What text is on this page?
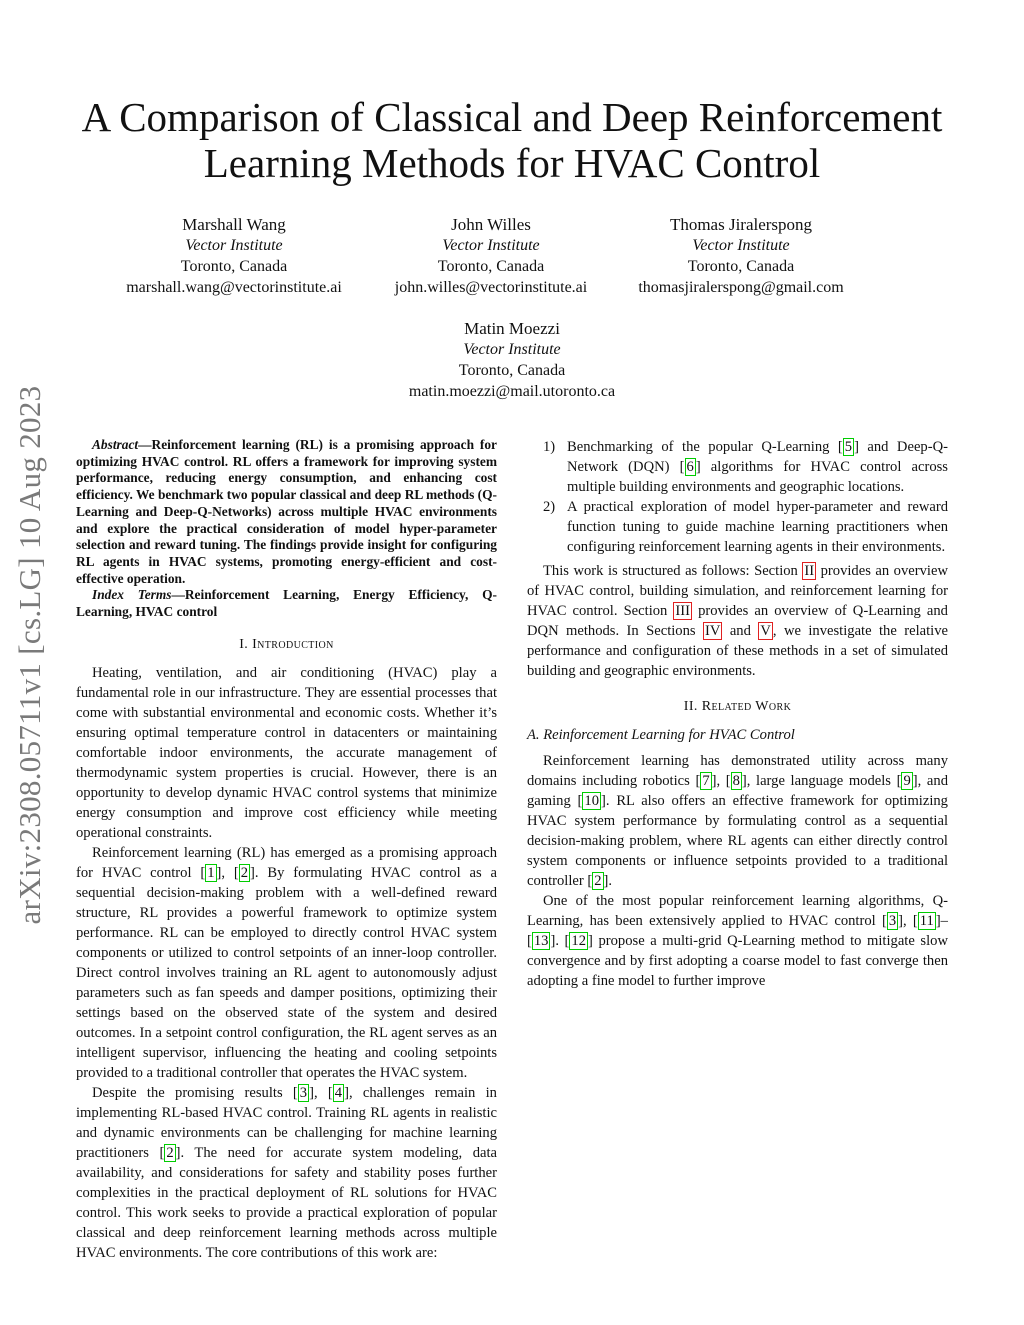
arXiv:2308.05711v1 [cs.LG] 10 Aug 2023
A Comparison of Classical and Deep Reinforcement
Learning Methods for HVAC Control
Marshall Wang
Vector Institute
Toronto, Canada
marshall.wang@vectorinstitute.ai
John Willes
Vector Institute
Toronto, Canada
john.willes@vectorinstitute.ai
Thomas Jiralerspong
Vector Institute
Toronto, Canada
thomasjiralerspong@gmail.com
Matin Moezzi
Vector Institute
Toronto, Canada
matin.moezzi@mail.utoronto.ca

Abstract—Reinforcement learning (RL) is a promising approach for optimizing HVAC control. RL offers a framework for improving system performance, reducing energy consumption, and enhancing cost efficiency. We benchmark two popular classical and deep RL methods (Q-Learning and Deep-Q-Networks) across multiple HVAC environments and explore the practical consideration of model hyper-parameter selection and reward tuning. The findings provide insight for configuring RL agents in HVAC systems, promoting energy-efficient and cost-effective operation.

Index Terms—Reinforcement Learning, Energy Efficiency, Q-Learning, HVAC control

I. Introduction

Heating, ventilation, and air conditioning (HVAC) play a fundamental role in our infrastructure. They are essential processes that come with substantial environmental and economic costs. Whether it’s ensuring optimal temperature control in datacenters or maintaining comfortable indoor environments, the accurate management of thermodynamic system properties is crucial. However, there is an opportunity to develop dynamic HVAC control systems that minimize energy consumption and improve cost efficiency while meeting operational constraints.

Reinforcement learning (RL) has emerged as a promising approach for HVAC control [ 1 ], [ 2 ]. By formulating HVAC control as a sequential decision-making problem with a well-defined reward structure, RL provides a powerful framework to optimize system performance. RL can be employed to directly control HVAC system components or utilized to control setpoints of an inner-loop controller. Direct control involves training an RL agent to autonomously adjust parameters such as fan speeds and damper positions, optimizing their settings based on the observed state of the system and desired outcomes. In a setpoint control configuration, the RL agent serves as an intelligent supervisor, influencing the heating and cooling setpoints provided to a traditional controller that operates the HVAC system.

Despite the promising results [ 3 ], [ 4 ], challenges remain in implementing RL-based HVAC control. Training RL agents in realistic and dynamic environments can be challenging for machine learning practitioners [ 2 ]. The need for accurate system modeling, data availability, and considerations for safety and stability poses further complexities in the practical deployment of RL solutions for HVAC control. This work seeks to provide a practical exploration of popular classical and deep reinforcement learning methods across multiple HVAC environments. The core contributions of this work are:

1) Benchmarking of the popular Q-Learning [ 5 ] and Deep-Q-Network (DQN) [ 6 ] algorithms for HVAC control across multiple building environments and geographic locations.
2) A practical exploration of model hyper-parameter and reward function tuning to guide machine learning practitioners when configuring reinforcement learning agents in their environments.

This work is structured as follows: Section II provides an overview of HVAC control, building simulation, and reinforcement learning for HVAC control. Section III provides an overview of Q-Learning and DQN methods. In Sections IV and V , we investigate the relative performance and configuration of these methods in a set of simulated building and geographic environments.

II. Related Work
A. Reinforcement Learning for HVAC Control

Reinforcement learning has demonstrated utility across many domains including robotics [ 7 ], [ 8 ], large language models [ 9 ], and gaming [ 10 ]. RL also offers an effective framework for optimizing HVAC system performance by formulating control as a sequential decision-making problem, where RL agents can either directly control system components or influence setpoints provided to a traditional controller [ 2 ].

One of the most popular reinforcement learning algorithms, Q-Learning, has been extensively applied to HVAC control [ 3 ], [ 11 ]–[ 13 ]. [ 12 ] propose a multi-grid Q-Learning method to mitigate slow convergence and by first adopting a coarse model to fast converge then adopting a fine model to further improve
